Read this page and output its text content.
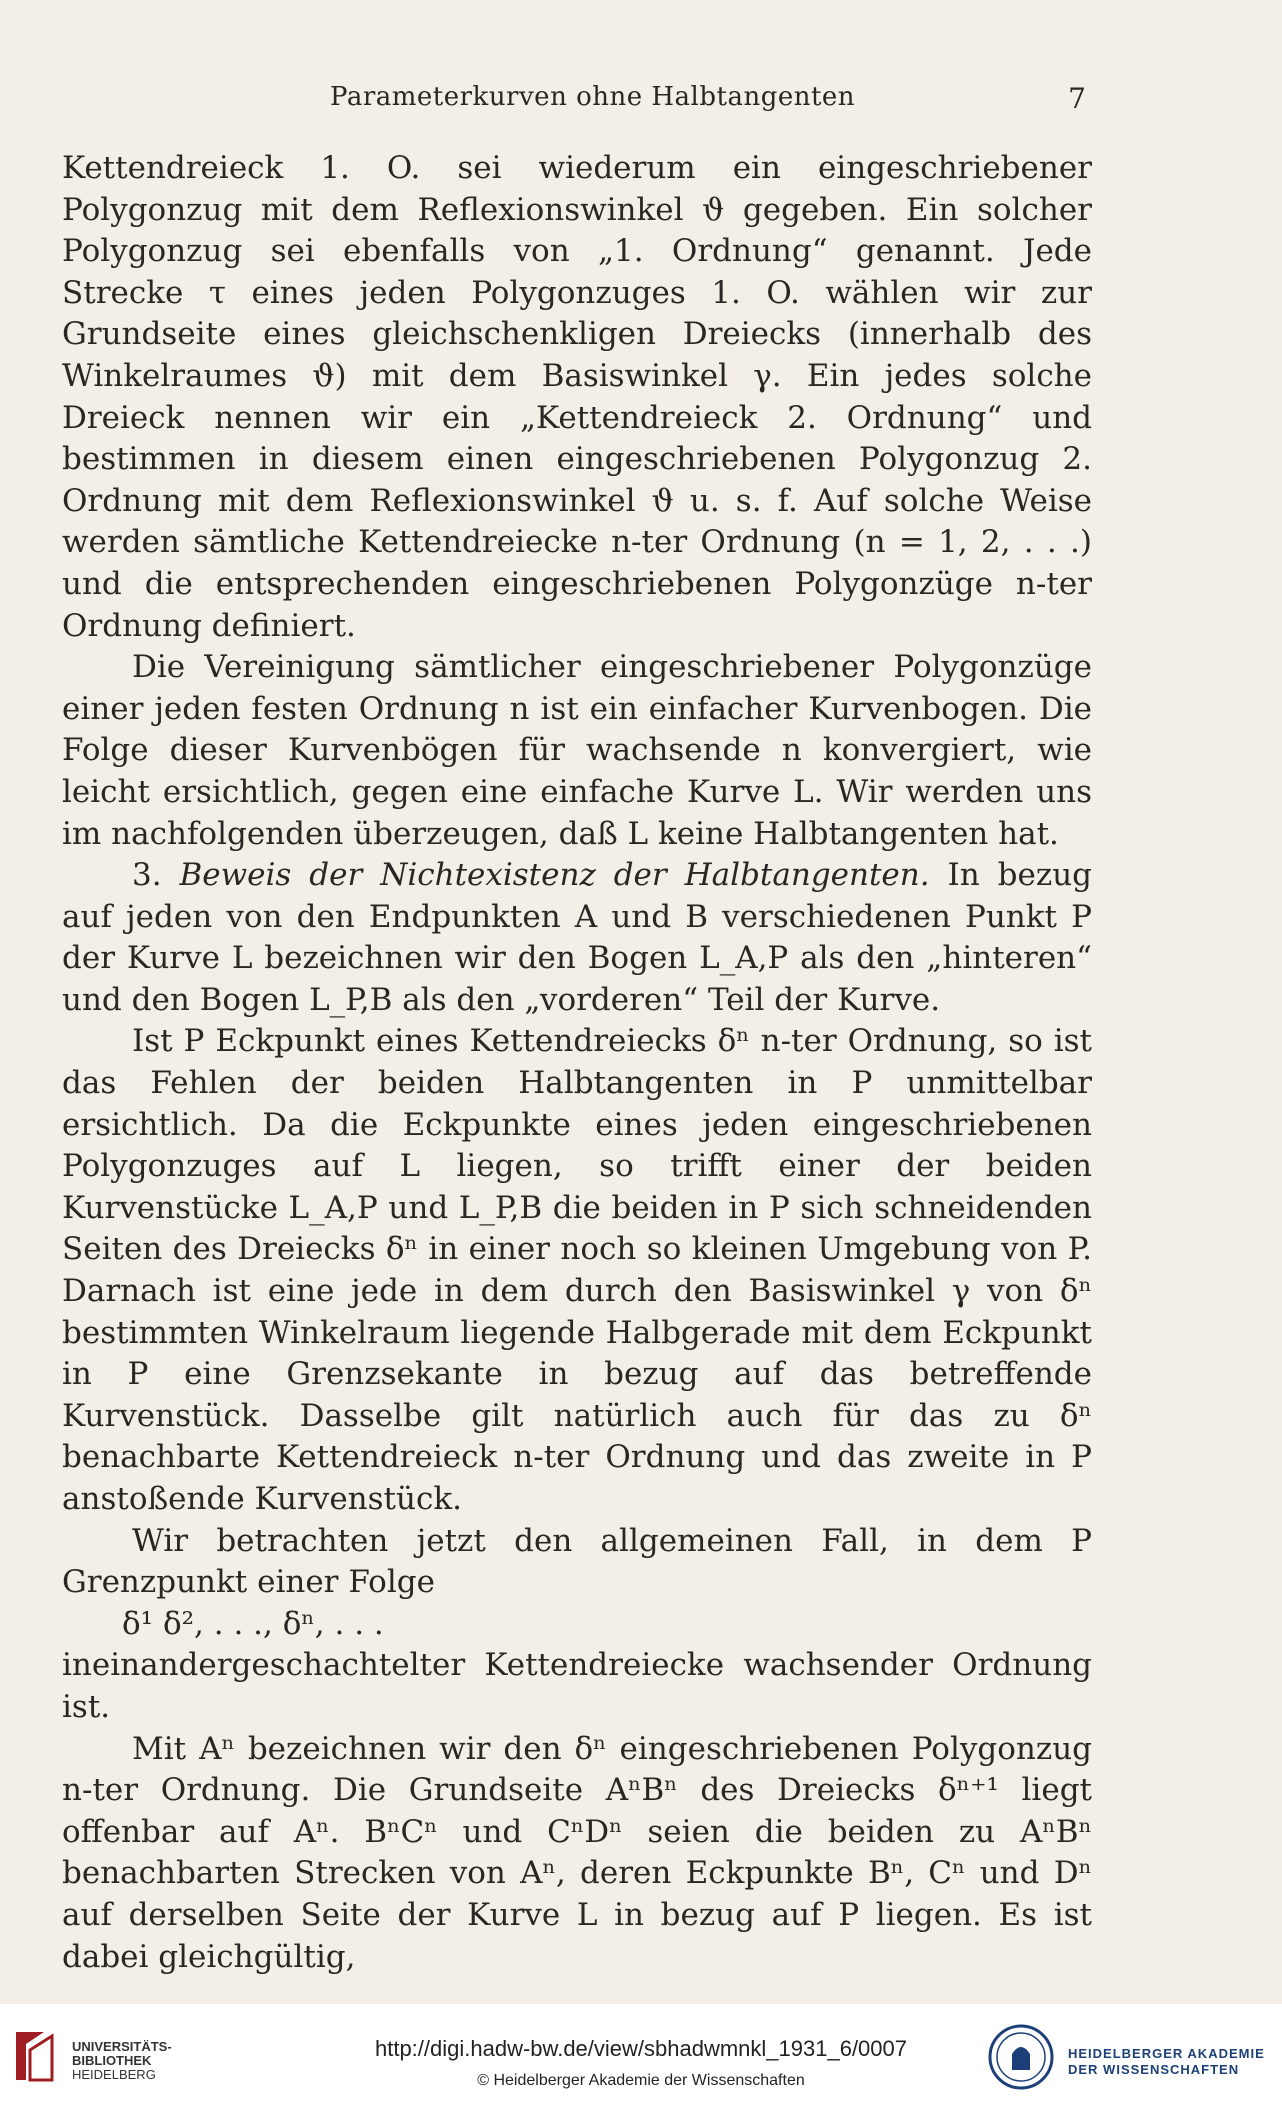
Parameterkurven ohne Halbtangenten	7

Kettendreieck 1. O. sei wiederum ein eingeschriebener Polygonzug mit dem Reflexionswinkel ϑ gegeben. Ein solcher Polygonzug sei ebenfalls von „1. Ordnung“ genannt. Jede Strecke τ eines jeden Polygonzuges 1. O. wählen wir zur Grundseite eines gleichschenkligen Dreiecks (innerhalb des Winkelraumes ϑ) mit dem Basiswinkel γ. Ein jedes solche Dreieck nennen wir ein „Kettendreieck 2. Ordnung“ und bestimmen in diesem einen eingeschriebenen Polygonzug 2. Ordnung mit dem Reflexionswinkel ϑ u. s. f. Auf solche Weise werden sämtliche Kettendreiecke n-ter Ordnung (n = 1, 2, . . .) und die entsprechenden eingeschriebenen Polygonzüge n-ter Ordnung definiert.

Die Vereinigung sämtlicher eingeschriebener Polygonzüge einer jeden festen Ordnung n ist ein einfacher Kurvenbogen. Die Folge dieser Kurvenbögen für wachsende n konvergiert, wie leicht ersichtlich, gegen eine einfache Kurve L. Wir werden uns im nachfolgenden überzeugen, daß L keine Halbtangenten hat.

3. Beweis der Nichtexistenz der Halbtangenten. In bezug auf jeden von den Endpunkten A und B verschiedenen Punkt P der Kurve L bezeichnen wir den Bogen L_A,P als den „hinteren“ und den Bogen L_P,B als den „vorderen“ Teil der Kurve.

Ist P Eckpunkt eines Kettendreiecks δⁿ n-ter Ordnung, so ist das Fehlen der beiden Halbtangenten in P unmittelbar ersichtlich. Da die Eckpunkte eines jeden eingeschriebenen Polygonzuges auf L liegen, so trifft einer der beiden Kurvenstücke L_A,P und L_P,B die beiden in P sich schneidenden Seiten des Dreiecks δⁿ in einer noch so kleinen Umgebung von P. Darnach ist eine jede in dem durch den Basiswinkel γ von δⁿ bestimmten Winkelraum liegende Halbgerade mit dem Eckpunkt in P eine Grenzsekante in bezug auf das betreffende Kurvenstück. Dasselbe gilt natürlich auch für das zu δⁿ benachbarte Kettendreieck n-ter Ordnung und das zweite in P anstoßende Kurvenstück.

Wir betrachten jetzt den allgemeinen Fall, in dem P Grenzpunkt einer Folge

δ¹ δ², . . ., δⁿ, . . .

ineinandergeschachtelter Kettendreiecke wachsender Ordnung ist.

Mit Aⁿ bezeichnen wir den δⁿ eingeschriebenen Polygonzug n-ter Ordnung. Die Grundseite AⁿBⁿ des Dreiecks δⁿ⁺¹ liegt offenbar auf Aⁿ. BⁿCⁿ und CⁿDⁿ seien die beiden zu AⁿBⁿ benachbarten Strecken von Aⁿ, deren Eckpunkte Bⁿ, Cⁿ und Dⁿ auf derselben Seite der Kurve L in bezug auf P liegen. Es ist dabei gleichgültig,

UNIVERSITÄTS-
BIBLIOTHEK
HEIDELBERG
http://digi.hadw-bw.de/view/sbhadwmnkl_1931_6/0007
© Heidelberger Akademie der Wissenschaften
HEIDELBERGER AKADEMIE
DER WISSENSCHAFTEN
